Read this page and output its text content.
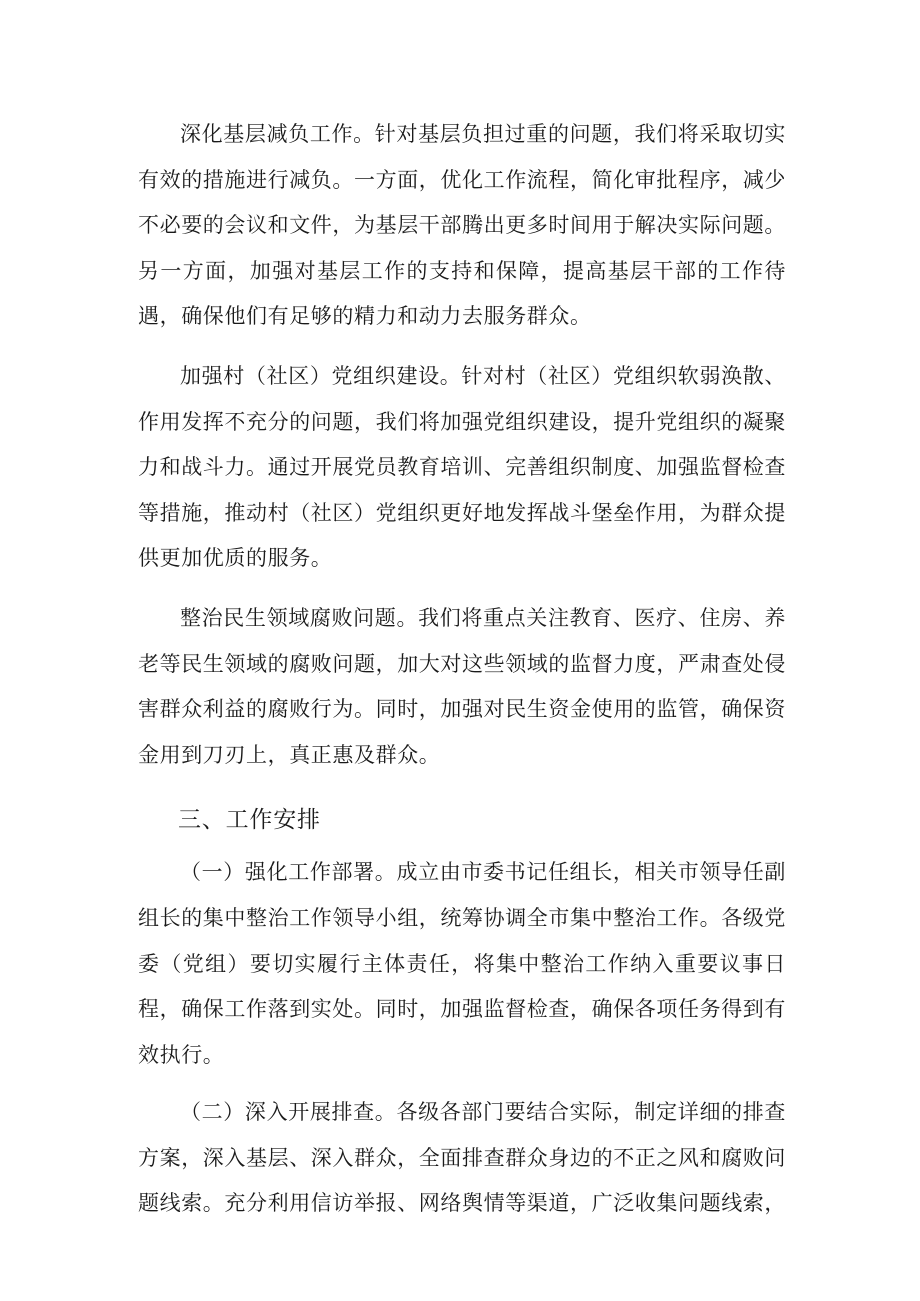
深化基层减负工作。针对基层负担过重的问题，我们将采取切实有效的措施进行减负。一方面，优化工作流程，简化审批程序，减少不必要的会议和文件，为基层干部腾出更多时间用于解决实际问题。另一方面，加强对基层工作的支持和保障，提高基层干部的工作待遇，确保他们有足够的精力和动力去服务群众。

加强村（社区）党组织建设。针对村（社区）党组织软弱涣散、作用发挥不充分的问题，我们将加强党组织建设，提升党组织的凝聚力和战斗力。通过开展党员教育培训、完善组织制度、加强监督检查等措施，推动村（社区）党组织更好地发挥战斗堡垒作用，为群众提供更加优质的服务。

整治民生领域腐败问题。我们将重点关注教育、医疗、住房、养老等民生领域的腐败问题，加大对这些领域的监督力度，严肃查处侵害群众利益的腐败行为。同时，加强对民生资金使用的监管，确保资金用到刀刃上，真正惠及群众。

三、工作安排

（一）强化工作部署。成立由市委书记任组长，相关市领导任副组长的集中整治工作领导小组，统筹协调全市集中整治工作。各级党委（党组）要切实履行主体责任，将集中整治工作纳入重要议事日程，确保工作落到实处。同时，加强监督检查，确保各项任务得到有效执行。

（二）深入开展排查。各级各部门要结合实际，制定详细的排查方案，深入基层、深入群众，全面排查群众身边的不正之风和腐败问题线索。充分利用信访举报、网络舆情等渠道，广泛收集问题线索，
